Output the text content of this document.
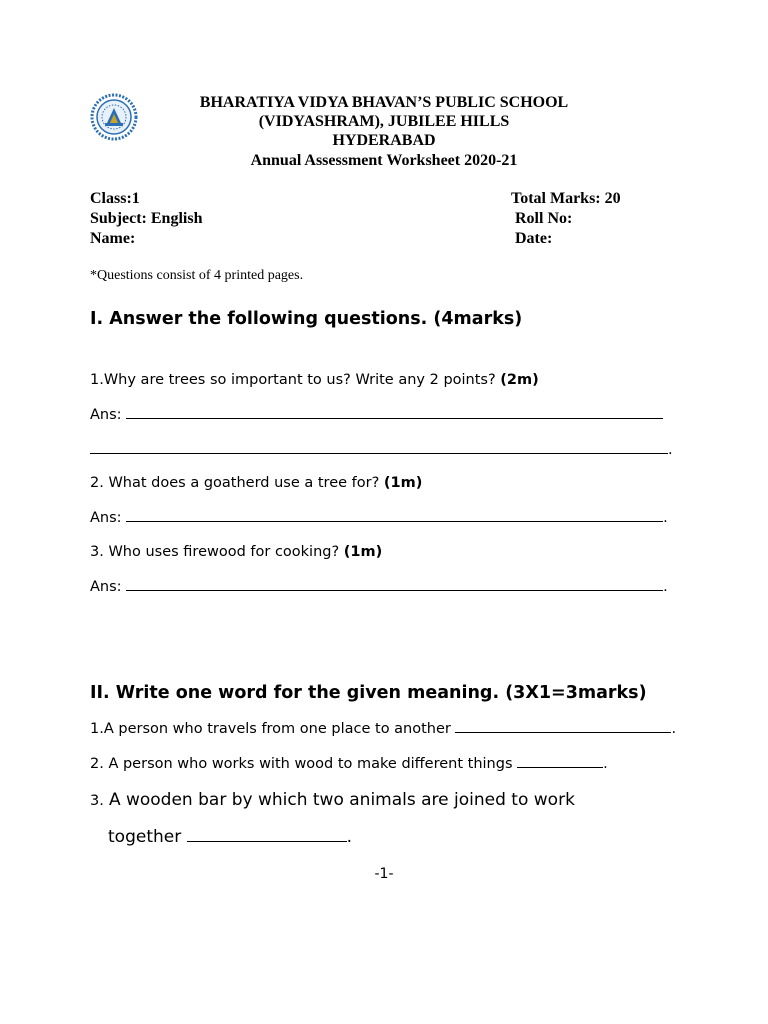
BHARATIYA VIDYA BHAVAN’S PUBLIC SCHOOL
(VIDYASHRAM), JUBILEE HILLS
HYDERABAD
Annual Assessment Worksheet 2020-21
Class:1
Subject: English
Name:
Total Marks: 20
Roll No:
Date:
*Questions consist of 4 printed pages.
I. Answer the following questions. (4marks)
1.Why are trees so important to us? Write any 2 points? (2m)
Ans:
.
2. What does a goatherd use a tree for? (1m)
Ans:	.
3. Who uses firewood for cooking? (1m)
Ans:	.
II. Write one word for the given meaning. (3X1=3marks)
1.A person who travels from one place to another	.
2. A person who works with wood to make different things	.
3. A wooden bar by which two animals are joined to work
together	.
-1-
